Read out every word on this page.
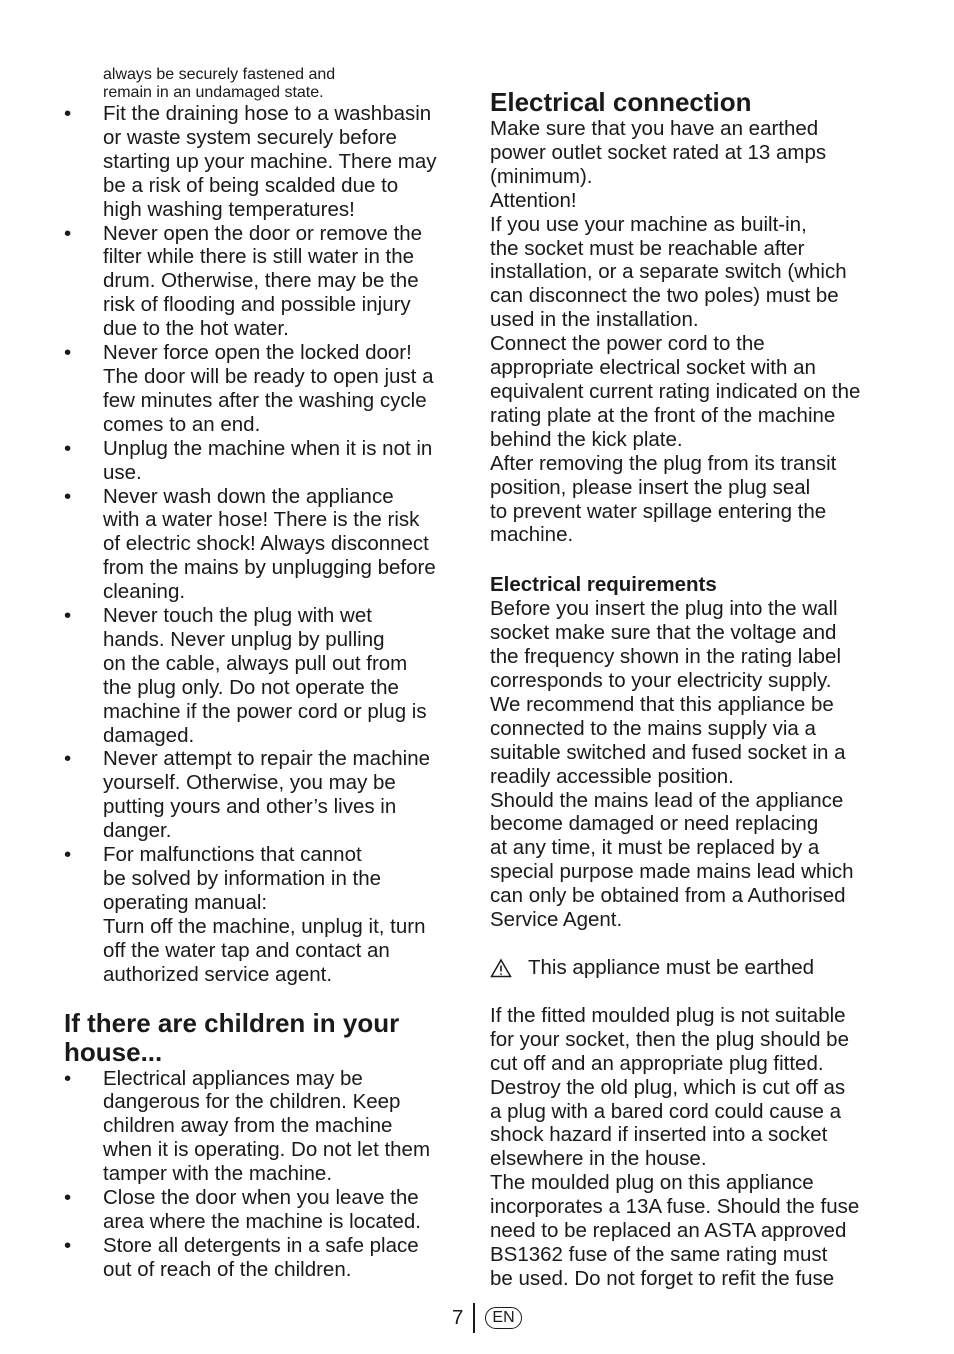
always be securely fastened and
remain in an undamaged state.
• Fit the draining hose to a washbasin
or waste system securely before
starting up your machine. There may
be a risk of being scalded due to
high washing temperatures!
• Never open the door or remove the
filter while there is still water in the
drum. Otherwise, there may be the
risk of flooding and possible injury
due to the hot water.
• Never force open the locked door!
The door will be ready to open just a
few minutes after the washing cycle
comes to an end.
• Unplug the machine when it is not in
use.
• Never wash down the appliance
with a water hose! There is the risk
of electric shock! Always disconnect
from the mains by unplugging before
cleaning.
• Never touch the plug with wet
hands. Never unplug by pulling
on the cable, always pull out from
the plug only. Do not operate the
machine if the power cord or plug is
damaged.
• Never attempt to repair the machine
yourself. Otherwise, you may be
putting yours and other’s lives in
danger.
• For malfunctions that cannot
be solved by information in the
operating manual:
Turn off the machine, unplug it, turn
off the water tap and contact an
authorized service agent.
If there are children in your
house...
• Electrical appliances may be
dangerous for the children. Keep
children away from the machine
when it is operating. Do not let them
tamper with the machine.
• Close the door when you leave the
area where the machine is located.
• Store all detergents in a safe place
out of reach of the children.
Electrical connection
Make sure that you have an earthed
power outlet socket rated at 13 amps
(minimum).
Attention!
If you use your machine as built-in,
the socket must be reachable after
installation, or a separate switch (which
can disconnect the two poles) must be
used in the installation.
Connect the power cord to the
appropriate electrical socket with an
equivalent current rating indicated on the
rating plate at the front of the machine
behind the kick plate.
After removing the plug from its transit
position, please insert the plug seal
to prevent water spillage entering the
machine.
Electrical requirements
Before you insert the plug into the wall
socket make sure that the voltage and
the frequency shown in the rating label
corresponds to your electricity supply.
We recommend that this appliance be
connected to the mains supply via a
suitable switched and fused socket in a
readily accessible position.
Should the mains lead of the appliance
become damaged or need replacing
at any time, it must be replaced by a
special purpose made mains lead which
can only be obtained from a Authorised
Service Agent.
This appliance must be earthed
If the fitted moulded plug is not suitable
for your socket, then the plug should be
cut off and an appropriate plug fitted.
Destroy the old plug, which is cut off as
a plug with a bared cord could cause a
shock hazard if inserted into a socket
elsewhere in the house.
The moulded plug on this appliance
incorporates a 13A fuse. Should the fuse
need to be replaced an ASTA approved
BS1362 fuse of the same rating must
be used. Do not forget to refit the fuse
7	EN
